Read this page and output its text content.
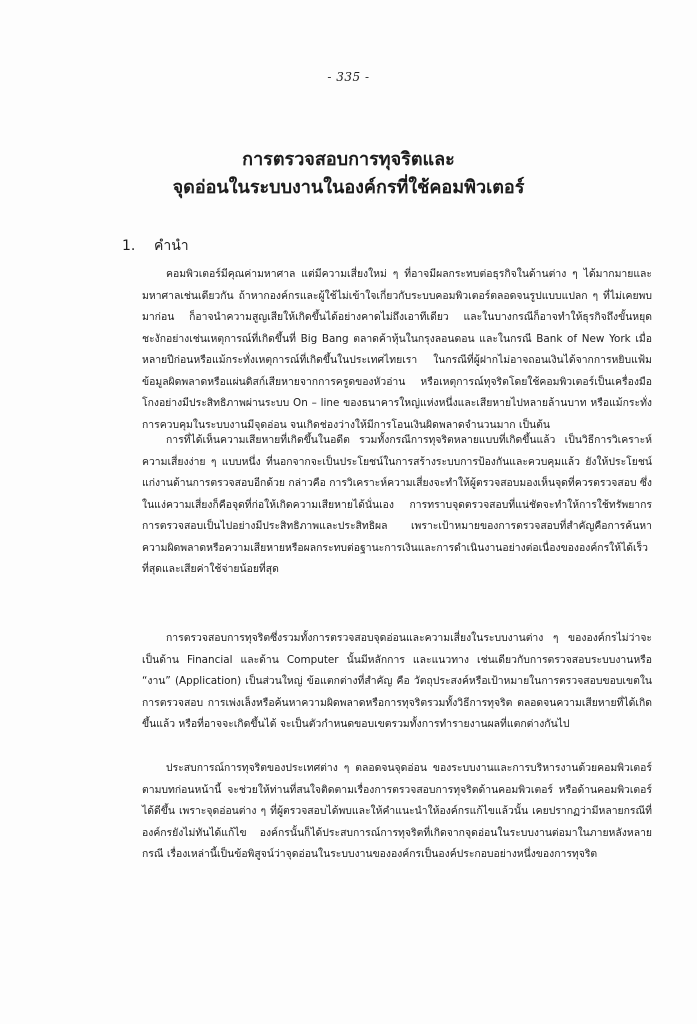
- 335 -
การตรวจสอบการทุจริตและ
จุดอ่อนในระบบงานในองค์กรที่ใช้คอมพิวเตอร์
1. คำนำ

คอมพิวเตอร์มีคุณค่ามหาศาล แต่มีความเสี่ยงใหม่ ๆ ที่อาจมีผลกระทบต่อธุรกิจในด้านต่าง ๆ ได้มากมายและมหาศาลเช่นเดียวกัน ถ้าหากองค์กรและผู้ใช้ไม่เข้าใจเกี่ยวกับระบบคอมพิวเตอร์ตลอดจนรูปแบบแปลก ๆ ที่ไม่เคยพบมาก่อน ก็อาจนำความสูญเสียให้เกิดขึ้นได้อย่างคาดไม่ถึงเอาทีเดียว และในบางกรณีก็อาจทำให้ธุรกิจถึงขั้นหยุดชะงักอย่างเช่นเหตุการณ์ที่เกิดขึ้นที่ Big Bang ตลาดค้าหุ้นในกรุงลอนดอน และในกรณี Bank of New York เมื่อหลายปีก่อนหรือแม้กระทั่งเหตุการณ์ที่เกิดขึ้นในประเทศไทยเรา ในกรณีที่ผู้ฝากไม่อาจถอนเงินได้จากการหยิบแฟ้มข้อมูลผิดพลาดหรือแผ่นดิสก์เสียหายจากการครูดของหัวอ่าน หรือเหตุการณ์ทุจริตโดยใช้คอมพิวเตอร์เป็นเครื่องมือโกงอย่างมีประสิทธิภาพผ่านระบบ On – line ของธนาคารใหญ่แห่งหนึ่งและเสียหายไปหลายล้านบาท หรือแม้กระทั่งการควบคุมในระบบงานมีจุดอ่อน จนเกิดช่องว่างให้มีการโอนเงินผิดพลาดจำนวนมาก เป็นต้น

การที่ได้เห็นความเสียหายที่เกิดขึ้นในอดีต รวมทั้งกรณีการทุจริตหลายแบบที่เกิดขึ้นแล้ว เป็นวิธีการวิเคราะห์ความเสี่ยงง่าย ๆ แบบหนึ่ง ที่นอกจากจะเป็นประโยชน์ในการสร้างระบบการป้องกันและควบคุมแล้ว ยังให้ประโยชน์แก่งานด้านการตรวจสอบอีกด้วย กล่าวคือ การวิเคราะห์ความเสี่ยงจะทำให้ผู้ตรวจสอบมองเห็นจุดที่ควรตรวจสอบ ซึ่งในแง่ความเสี่ยงก็คือจุดที่ก่อให้เกิดความเสียหายได้นั่นเอง การทราบจุดตรวจสอบที่แน่ชัดจะทำให้การใช้ทรัพยากรการตรวจสอบเป็นไปอย่างมีประสิทธิภาพและประสิทธิผล เพราะเป้าหมายของการตรวจสอบที่สำคัญคือการค้นหาความผิดพลาดหรือความเสียหายหรือผลกระทบต่อฐานะการเงินและการดำเนินงานอย่างต่อเนื่องขององค์กรให้ได้เร็วที่สุดและเสียค่าใช้จ่ายน้อยที่สุด

การตรวจสอบการทุจริตซึ่งรวมทั้งการตรวจสอบจุดอ่อนและความเสี่ยงในระบบงานต่าง ๆ ขององค์กรไม่ว่าจะเป็นด้าน Financial และด้าน Computer นั้นมีหลักการ และแนวทาง เช่นเดียวกับการตรวจสอบระบบงานหรือ “งาน” (Application) เป็นส่วนใหญ่ ข้อแตกต่างที่สำคัญ คือ วัตถุประสงค์หรือเป้าหมายในการตรวจสอบขอบเขตในการตรวจสอบ การเพ่งเล็งหรือค้นหาความผิดพลาดหรือการทุจริตรวมทั้งวิธีการทุจริต ตลอดจนความเสียหายที่ได้เกิดขึ้นแล้ว หรือที่อาจจะเกิดขึ้นได้ จะเป็นตัวกำหนดขอบเขตรวมทั้งการทำรายงานผลที่แตกต่างกันไป

ประสบการณ์การทุจริตของประเทศต่าง ๆ ตลอดจนจุดอ่อน ของระบบงานและการบริหารงานด้วยคอมพิวเตอร์ตามบทก่อนหน้านี้ จะช่วยให้ท่านที่สนใจติดตามเรื่องการตรวจสอบการทุจริตด้านคอมพิวเตอร์ หรือด้านคอมพิวเตอร์ได้ดีขึ้น เพราะจุดอ่อนต่าง ๆ ที่ผู้ตรวจสอบได้พบและให้คำแนะนำให้องค์กรแก้ไขแล้วนั้น เคยปรากฏว่ามีหลายกรณีที่องค์กรยังไม่ทันได้แก้ไข องค์กรนั้นก็ได้ประสบการณ์การทุจริตที่เกิดจากจุดอ่อนในระบบงานต่อมาในภายหลังหลายกรณี เรื่องเหล่านี้เป็นข้อพิสูจน์ว่าจุดอ่อนในระบบงานขององค์กรเป็นองค์ประกอบอย่างหนึ่งของการทุจริต
